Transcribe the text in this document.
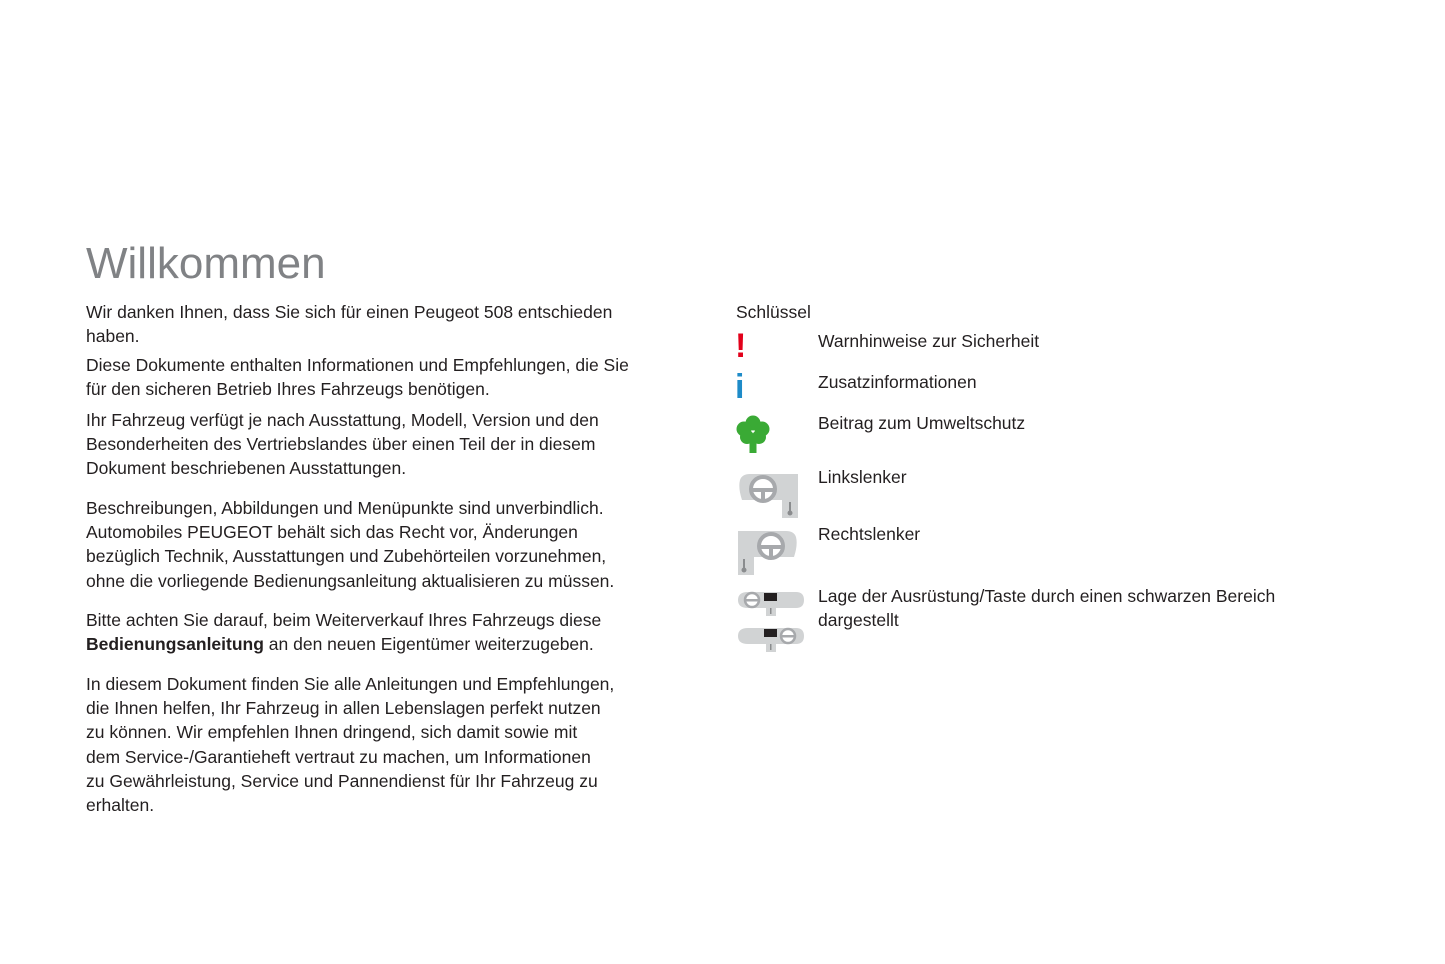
Willkommen

Wir danken Ihnen, dass Sie sich für einen Peugeot 508 entschieden
haben.

Diese Dokumente enthalten Informationen und Empfehlungen, die Sie
für den sicheren Betrieb Ihres Fahrzeugs benötigen.

Ihr Fahrzeug verfügt je nach Ausstattung, Modell, Version und den
Besonderheiten des Vertriebslandes über einen Teil der in diesem
Dokument beschriebenen Ausstattungen.

Beschreibungen, Abbildungen und Menüpunkte sind unverbindlich.
Automobiles PEUGEOT behält sich das Recht vor, Änderungen
bezüglich Technik, Ausstattungen und Zubehörteilen vorzunehmen,
ohne die vorliegende Bedienungsanleitung aktualisieren zu müssen.

Bitte achten Sie darauf, beim Weiterverkauf Ihres Fahrzeugs diese
Bedienungsanleitung an den neuen Eigentümer weiterzugeben.

In diesem Dokument finden Sie alle Anleitungen und Empfehlungen,
die Ihnen helfen, Ihr Fahrzeug in allen Lebenslagen perfekt nutzen
zu können. Wir empfehlen Ihnen dringend, sich damit sowie mit
dem Service-/Garantieheft vertraut zu machen, um Informationen
zu Gewährleistung, Service und Pannendienst für Ihr Fahrzeug zu
erhalten.

Schlüssel
!	Warnhinweise zur Sicherheit
i	Zusatzinformationen
Beitrag zum Umweltschutz
Linkslenker
Rechtslenker
Lage der Ausrüstung/Taste durch einen schwarzen Bereich
dargestellt
